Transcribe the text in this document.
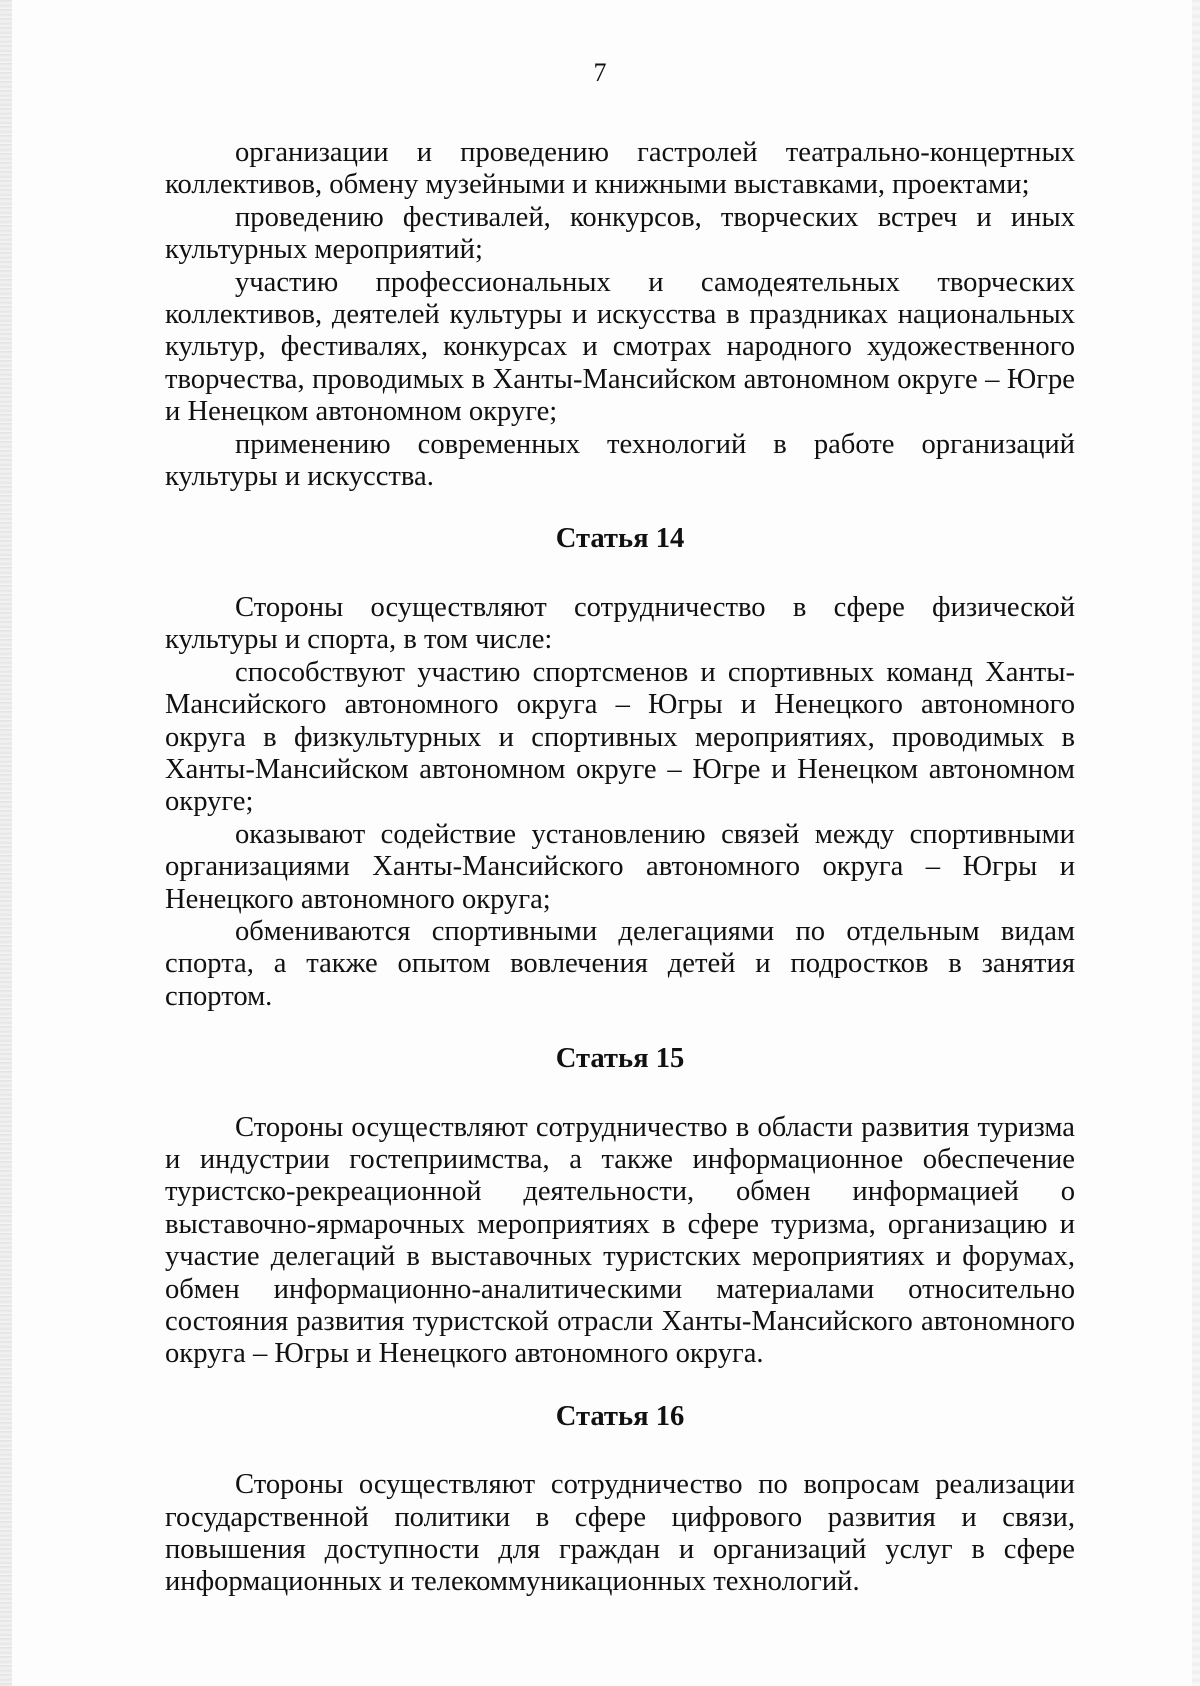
7

организации и проведению гастролей театрально-концертных коллективов, обмену музейными и книжными выставками, проектами;

проведению фестивалей, конкурсов, творческих встреч и иных культурных мероприятий;

участию профессиональных и самодеятельных творческих коллективов, деятелей культуры и искусства в праздниках национальных культур, фестивалях, конкурсах и смотрах народного художественного творчества, проводимых в Ханты-Мансийском автономном округе – Югре и Ненецком автономном округе;

применению современных технологий в работе организаций культуры и искусства.

Статья 14

Стороны осуществляют сотрудничество в сфере физической культуры и спорта, в том числе:

способствуют участию спортсменов и спортивных команд Ханты-Мансийского автономного округа – Югры и Ненецкого автономного округа в физкультурных и спортивных мероприятиях, проводимых в Ханты-Мансийском автономном округе – Югре и Ненецком автономном округе;

оказывают содействие установлению связей между спортивными организациями Ханты-Мансийского автономного округа – Югры и Ненецкого автономного округа;

обмениваются спортивными делегациями по отдельным видам спорта, а также опытом вовлечения детей и подростков в занятия спортом.

Статья 15

Стороны осуществляют сотрудничество в области развития туризма и индустрии гостеприимства, а также информационное обеспечение туристско-рекреационной деятельности, обмен информацией о выставочно-ярмарочных мероприятиях в сфере туризма, организацию и участие делегаций в выставочных туристских мероприятиях и форумах, обмен информационно-аналитическими материалами относительно состояния развития туристской отрасли Ханты-Мансийского автономного округа – Югры и Ненецкого автономного округа.

Статья 16

Стороны осуществляют сотрудничество по вопросам реализации государственной политики в сфере цифрового развития и связи, повышения доступности для граждан и организаций услуг в сфере информационных и телекоммуникационных технологий.
